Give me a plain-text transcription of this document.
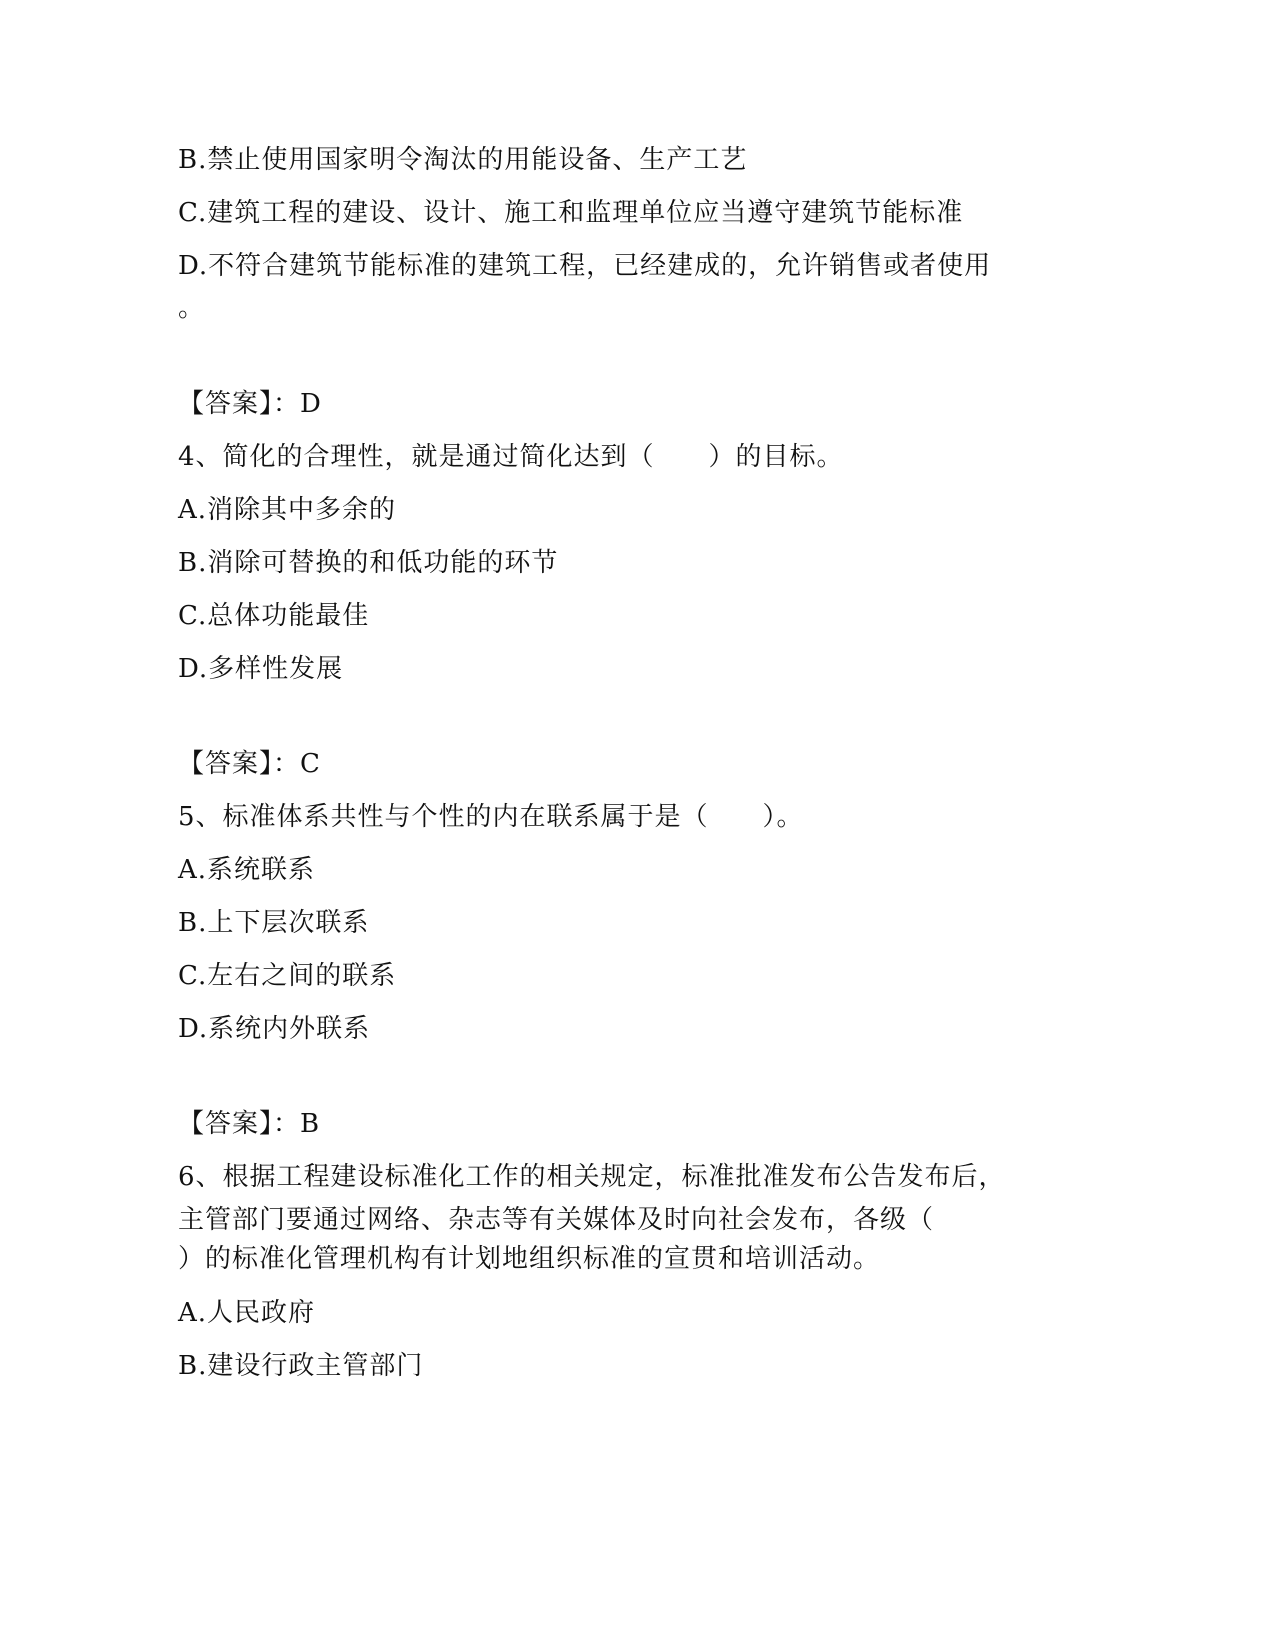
B.禁止使用国家明令淘汰的用能设备、生产工艺
C.建筑工程的建设、设计、施工和监理单位应当遵守建筑节能标准
D.不符合建筑节能标准的建筑工程，已经建成的，允许销售或者使用
。
【答案】：D
4、简化的合理性，就是通过简化达到（　　）的目标。
A.消除其中多余的
B.消除可替换的和低功能的环节
C.总体功能最佳
D.多样性发展
【答案】：C
5、标准体系共性与个性的内在联系属于是（　　）。
A.系统联系
B.上下层次联系
C.左右之间的联系
D.系统内外联系
【答案】：B
6、根据工程建设标准化工作的相关规定，标准批准发布公告发布后，
主管部门要通过网络、杂志等有关媒体及时向社会发布，各级（
）的标准化管理机构有计划地组织标准的宣贯和培训活动。
A.人民政府
B.建设行政主管部门
